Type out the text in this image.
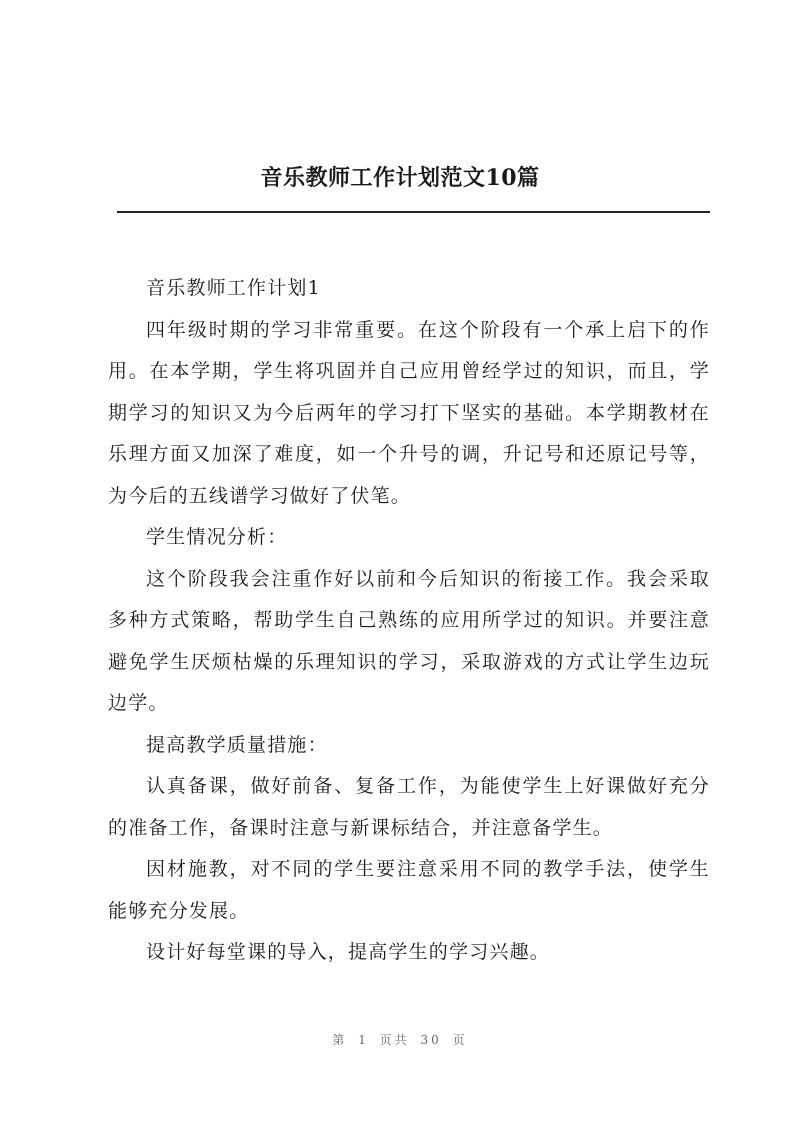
音乐教师工作计划范文10篇

音乐教师工作计划1

四年级时期的学习非常重要。在这个阶段有一个承上启下的作用。在本学期，学生将巩固并自己应用曾经学过的知识，而且，学期学习的知识又为今后两年的学习打下坚实的基础。本学期教材在乐理方面又加深了难度，如一个升号的调，升记号和还原记号等，为今后的五线谱学习做好了伏笔。

学生情况分析：

这个阶段我会注重作好以前和今后知识的衔接工作。我会采取多种方式策略，帮助学生自己熟练的应用所学过的知识。并要注意避免学生厌烦枯燥的乐理知识的学习，采取游戏的方式让学生边玩边学。

提高教学质量措施：

认真备课，做好前备、复备工作，为能使学生上好课做好充分的准备工作，备课时注意与新课标结合，并注意备学生。

因材施教，对不同的学生要注意采用不同的教学手法，使学生能够充分发展。

设计好每堂课的导入，提高学生的学习兴趣。

第 1 页共 30 页
